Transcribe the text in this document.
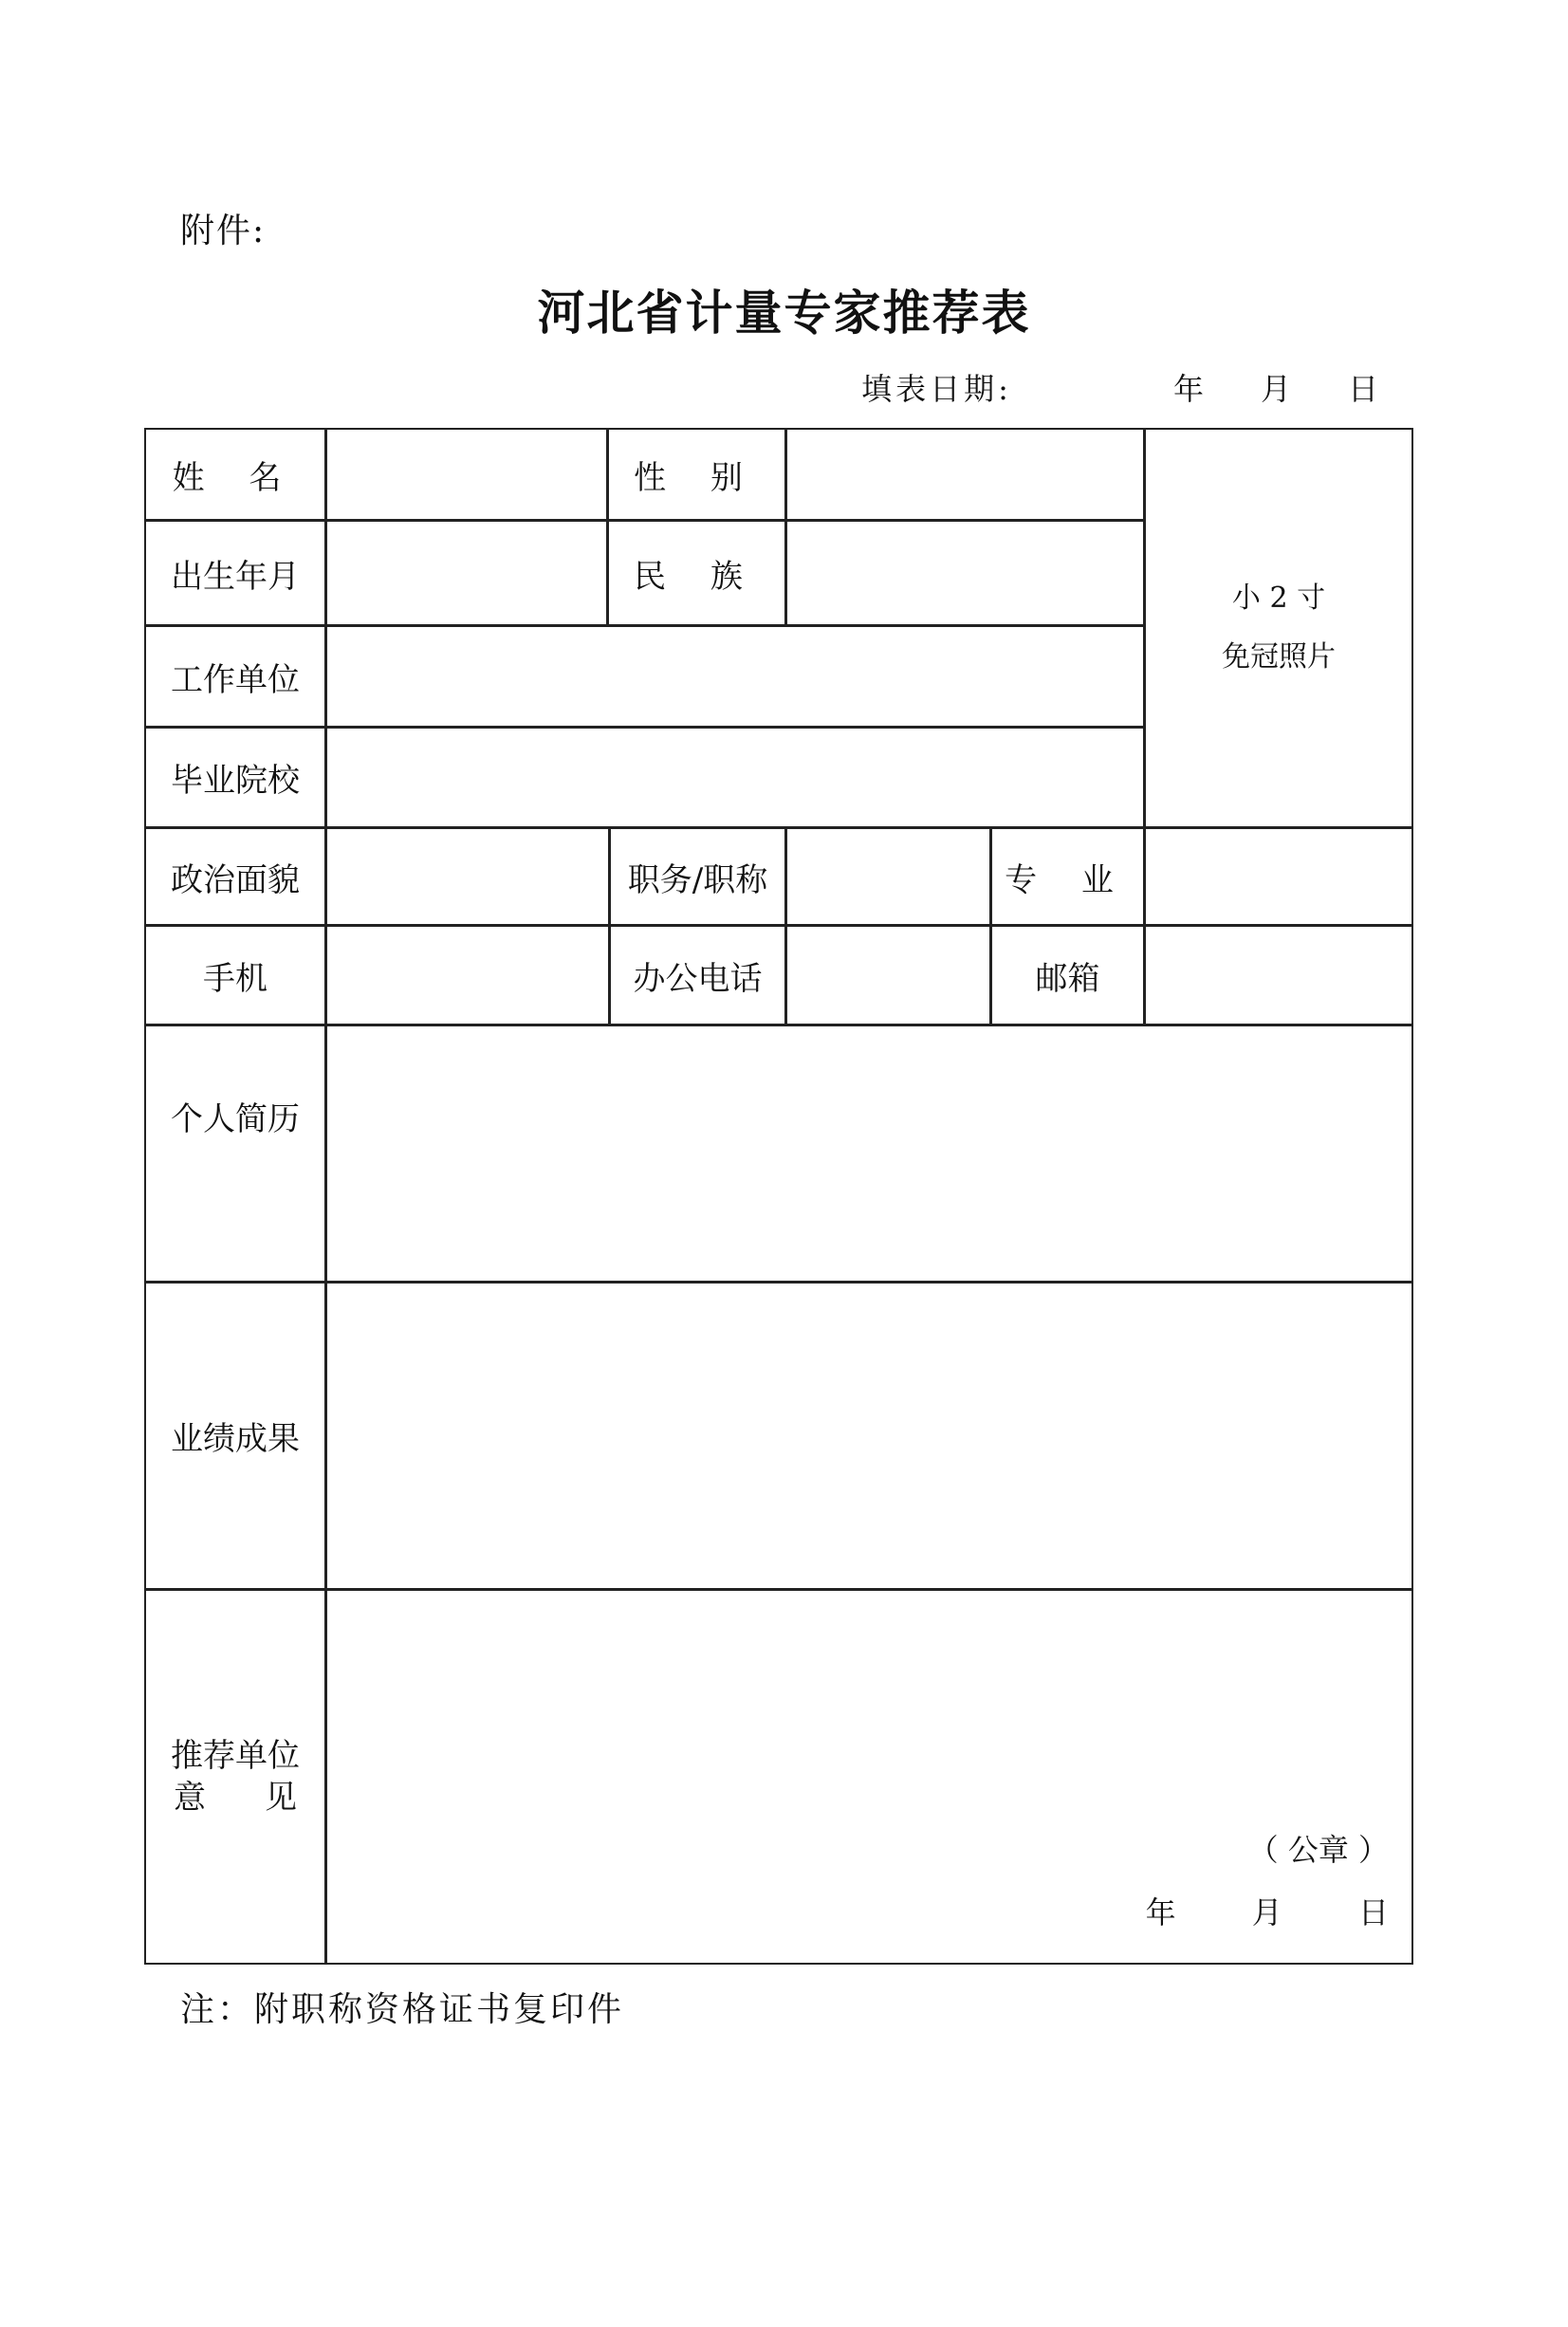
附件:
河北省计量专家推荐表
填表日期:	年 月 日
姓 名	性 别
小 2 寸
免冠照片
出生年月	民 族
工作单位
毕业院校
政治面貌	职务/职称	专 业
手机	办公电话	邮箱
个人简历
业绩成果
推荐单位
意 见
（ 公章 ）
年	月	日
注：附职称资格证书复印件
